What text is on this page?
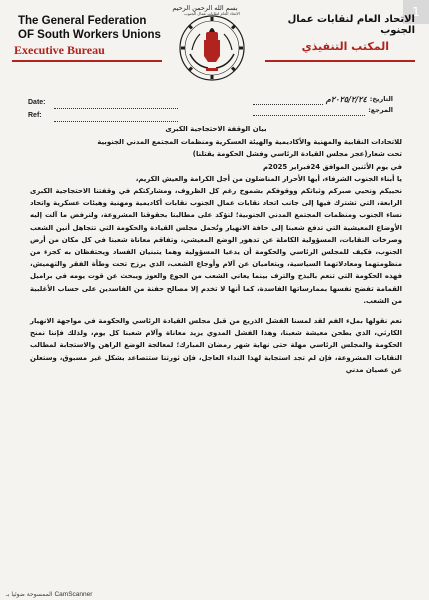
1
بسم الله الرحمن الرحيم
The General Federation
OF South Workers Unions
Executive Bureau
الاتحاد العام لنقابات عمال الجنوب
المكتب التنفيذي
الاتحاد العام لنقابات عمال الجنوب
Date:
Ref:
التاريخ:
٢٠٢٥/٢/٢٤م
المرجع:

بيان الوقفة الاحتجاجية الكبرى

للاتحادات النقابية والمهنية والأكاديمية والهيئة العسكرية ومنظمات المجتمع المدني الجنوبية

تحت شعار(عجز مجلس القيادة الرئاسي وفشل الحكومة يقتلنا)

في يوم الأثنين الموافق 24فبراير 2025م

يا أبناء الجنوب الشرفاء، أيها الأحرار المناضلون من أجل الكرامة والعيش الكريم،

نحييكم ونحيي صبركم وثباتكم ووقوفكم بشموخ رغم كل الظروف، ومشاركتكم في وقفتنا الاحتجاجية الكبرى الرابعة، التي تشترك فيها إلى جانب اتحاد نقابات عمال الجنوب نقابات أكاديمية ومهنية وهيئات عسكرية واتحاد نساء الجنوب ومنظمات المجتمع المدني الجنوبية؛ لنؤكد على مطالبنا بحقوقنا المشروعة، ولنرفض ما آلت إليه الأوضاع المعيشية التي تدفع شعبنا إلى حافة الانهيار وتُحمل مجلس القيادة والحكومة التي تتجاهل أنين الشعب وصرخات النقابات، المسؤولية الكاملة عن تدهور الوضع المعيشي، وتفاقم معاناة شعبنا في كل مكان من أرض الجنوب، فكيف للمجلس الرئاسي والحكومة أن يدعيا المسؤولية وهما يتبنيان الفساد ويحتفظان به كجزء من منظومتهما ومعادلاتهما السياسية، ويتعاميان عن آلام وأوجاع الشعب، الذي يرزح تحت وطأة الفقر والتهميش، فهذه الحكومة التي تنعم بالبذخ والترف بينما يعاني الشعب من الجوع والعوز ويبحث عن قوت يومه في براميل القمامة تفضح نفسها بممارساتها الفاسدة، كما أنها لا تخدم إلا مصالح حفنة من الفاسدين على حساب الأغلبية من الشعب.

نعم نقولها بملء الفم لقد لمسنا الفشل الذريع من قبل مجلس القيادة الرئاسي والحكومة في مواجهة الانهيار الكارثي، الذي يطحن معيشة شعبنا، وهذا الفشل المدوي يزيد معاناة وآلام شعبنا كل يوم، ولذلك فإننا نمنح الحكومة والمجلس الرئاسي مهلة حتى نهاية شهر رمضان المبارك؛ لمعالجة الوضع الراهن والاستجابة لمطالب النقابات المشروعة، فإن لم تجد استجابة لهذا النداء العاجل، فإن ثورتنا ستتصاعد بشكل غير مسبوق، وستعلن عن عصيان مدني

CamScanner الممسوحة ضوئيا بـ
